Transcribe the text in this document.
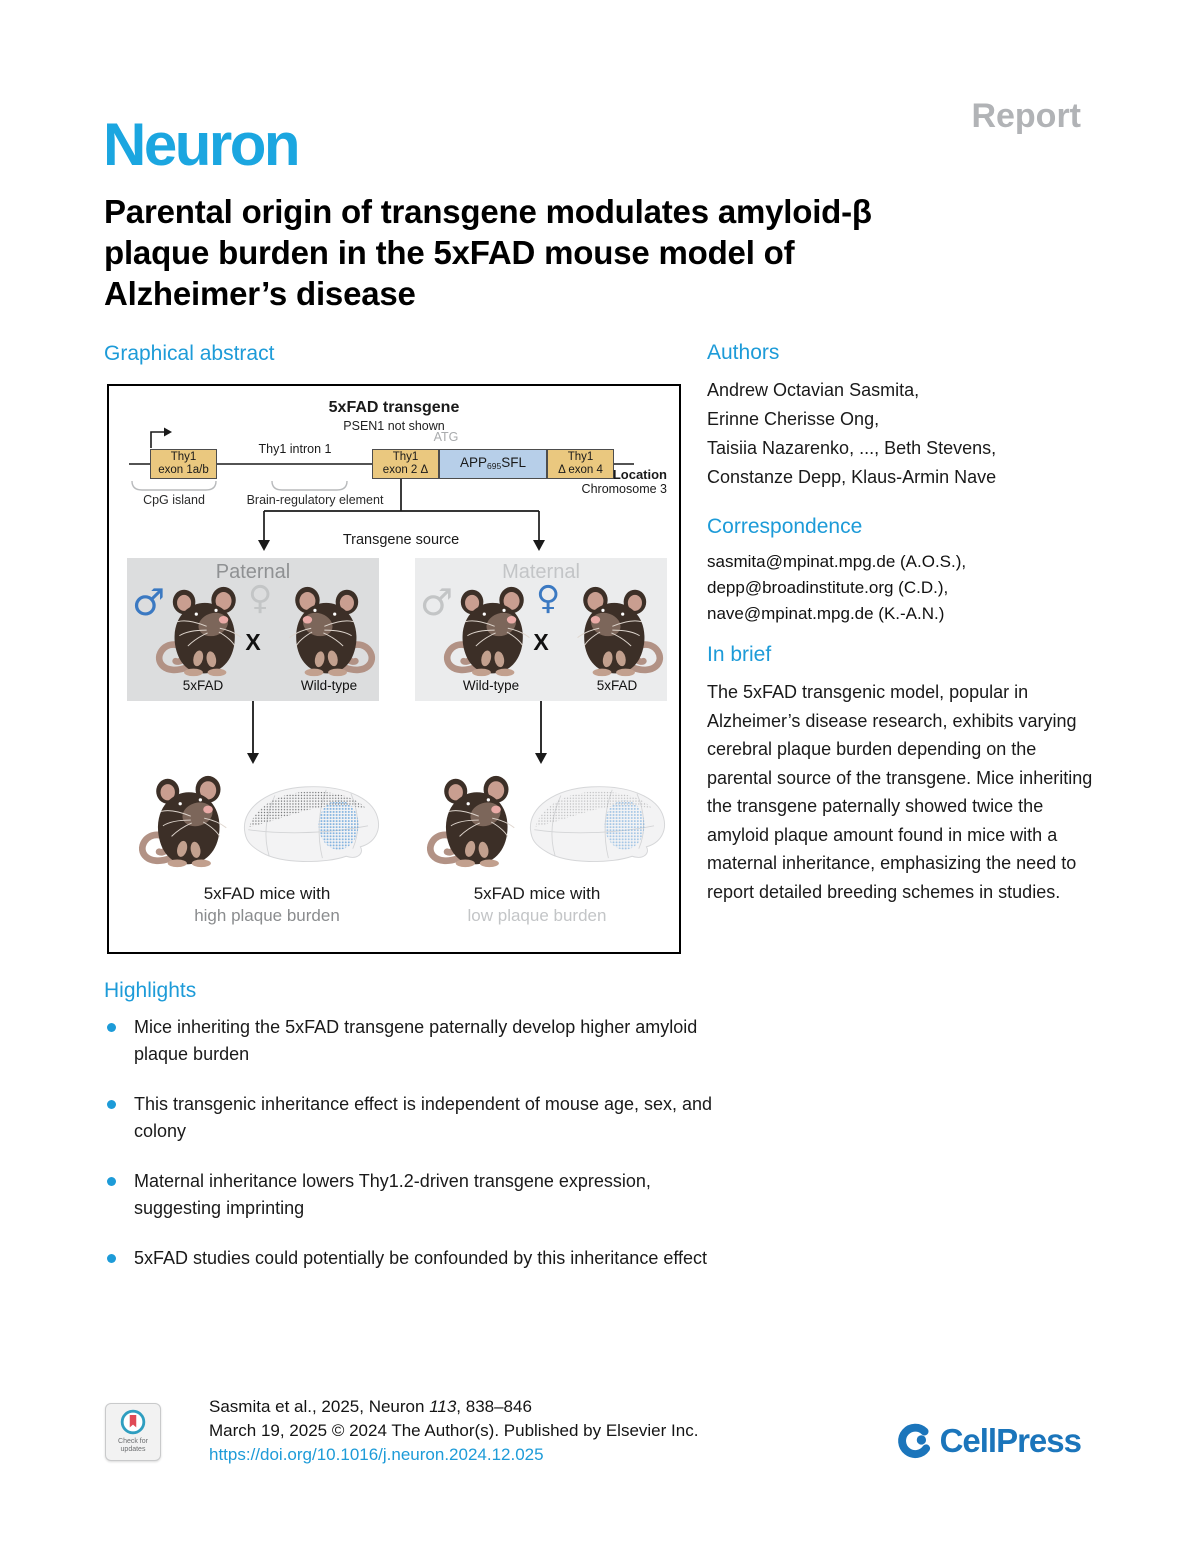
Neuron	Report
Parental origin of transgene modulates amyloid-β
plaque burden in the 5xFAD mouse model of
Alzheimer’s disease
Graphical abstract
5xFAD transgene
PSEN1 not shown
ATG
Thy1 intron 1
Thy1
exon 1a/b
Thy1
exon 2 Δ
$APP_{695}SFL$	Thy1
Δ exon 4 Location
Chromosome 3
CpG island	Brain-regulatory element
Transgene source
Paternal
♂
X
♀
5xFAD	Wild-type
Maternal
♂
X
♀
Wild-type	5xFAD
5xFAD mice with
high plaque burden
5xFAD mice with
low plaque burden
Authors
Andrew Octavian Sasmita,
Erinne Cherisse Ong,
Taisiia Nazarenko, ..., Beth Stevens,
Constanze Depp, Klaus-Armin Nave
Correspondence
sasmita@mpinat.mpg.de (A.O.S.),
depp@broadinstitute.org (C.D.),
nave@mpinat.mpg.de (K.-A.N.)
In brief
The 5xFAD transgenic model, popular in Alzheimer’s disease research, exhibits varying cerebral plaque burden depending on the parental source of the transgene. Mice inheriting the transgene paternally showed twice the amyloid plaque amount found in mice with a maternal inheritance, emphasizing the need to report detailed breeding schemes in studies.
Highlights
Mice inheriting the 5xFAD transgene paternally develop higher amyloid plaque burden
This transgenic inheritance effect is independent of mouse age, sex, and colony
Maternal inheritance lowers Thy1.2-driven transgene expression, suggesting imprinting
5xFAD studies could potentially be confounded by this inheritance effect
Check for updates
Sasmita et al., 2025, Neuron 113, 838–846
March 19, 2025 © 2024 The Author(s). Published by Elsevier Inc.
https://doi.org/10.1016/j.neuron.2024.12.025	CellPress
